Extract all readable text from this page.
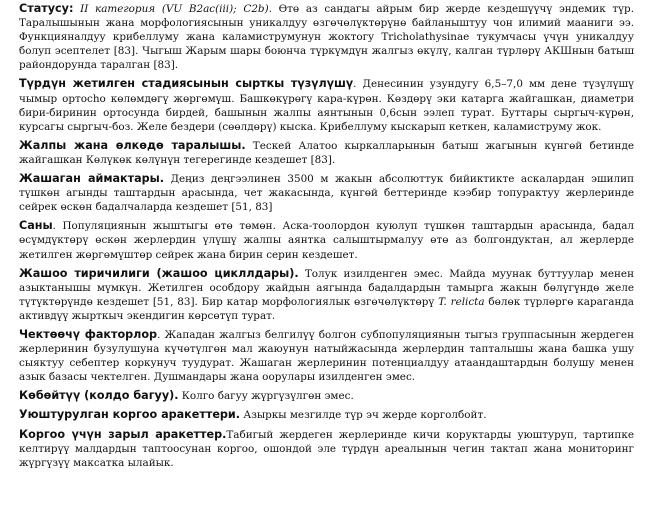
Статусу: II категория (VU B2ac(iii); C2b). Өтө аз сандагы айрым бир жерде кездешүүчү эндемик түр. Таралышынын жана морфологиясынын уникалдуу өзгөчөлүктөрүнө байланыштуу чон илимий мааниги ээ. Функцияналдуу крибеллуму жана каламиструмунун жоктогу Tricholathysinae тукумчасы үчүн уникалдуу болуп эсептелет [83]. Чыгыш Жарым шары боюнча түркүмдүн жалгыз өкүлү, калган түрлөрү АКШнын батыш райондорунда таралган [83].

Түрдүн жетилген стадиясынын сырткы түзүлүшү. Денесинин узундугу 6,5–7,0 мм дене түзүлүшү чымыр ортоchо көлөмдөгү жөргөмүш. Башкөкүрөгү кара-күрөн. Көздөрү эки катарга жайгашкан, диаметри бири-биринин ортосунда бирдей, башынын жалпы аянтынын 0,6сын ээлеп турат. Буттары сыргыч-күрөн, курсагы сыргыч-боз. Желе бездери (сөөлдөрү) кыска. Крибеллуму кыскарып кеткен, каламиструму жок.

Жалпы жана өлкөдө таралышы. Тескей Алатоо кыркалларынын батыш жагынын күнгөй бетинде жайгашкан Көлүкөк көлүнүн тегерегинде кездешет [83].

Жашаган аймактары. Деңиз деңгээлинен 3500 м жакын абсолюттук бийиктикте аскалардан эшилип түшкөн агынды таштардын арасында, чет жакасында, күнгөй беттеринде кээбир топурактуу жерлеринде сейрек өскөн бадалчаларда кездешет [51, 83]

Саны. Популяциянын жыштыгы өтө төмөн. Аска-тоолордон куюлуп түшкөн таштардын арасында, бадал өсүмдүктөрү өскөн жерлердин үлүшү жалпы аянтка салыштырмалуу өтө аз болгондуктан, ал жерлерде жетилген жөргөмүштөр сейрек жана бирин серин кездешет.

Жашоо тиричилиги (жашоо цикллдары). Толук изилденген эмес. Майда муунак буттуулар менен азыктанышы мүмкүн. Жетилген особдору жайдын аягында бадалдардын тамырга жакын бөлүгүндө желе түтүктөрүндө кездешет [51, 83]. Бир катар морфологиялык өзгөчөлүктөрү T. relicta бөлөк түрлөргө караганда активдүү жырткыч экендигин көрсөтүп турат.

Чектөөчү факторлор. Жападан жалгыз белгилүү болгон субпопуляциянын тыгыз группасынын жердеген жерлеринин бузулушуна күчөтүлгөн мал жаюунун натыйжасында жерлердин тапталышы жана башка ушу сыяктуу себептер коркунуч туудурат. Жашаган жерлеринин потенциалдуу атаандаштардын болушу менен азык базасы чектелген. Душмандары жана оорулары изилденген эмес.

Көбөйтүү (колдо багуу). Колго багуу жүргүзүлгөн эмес.

Уюштурулган коргоо аракеттери. Азыркы мезгилде түр эч жерде корголбойт.

Коргоо үчүн зарыл аракеттер.Табигый жердеген жерлеринде кичи коруктарды уюштуруп, тартипке келтирүү малдардын таптоосунан коргоо, ошондой эле түрдүн ареалынын чегин тактап жана мониторинг жүргүзүү максатка ылайык.
